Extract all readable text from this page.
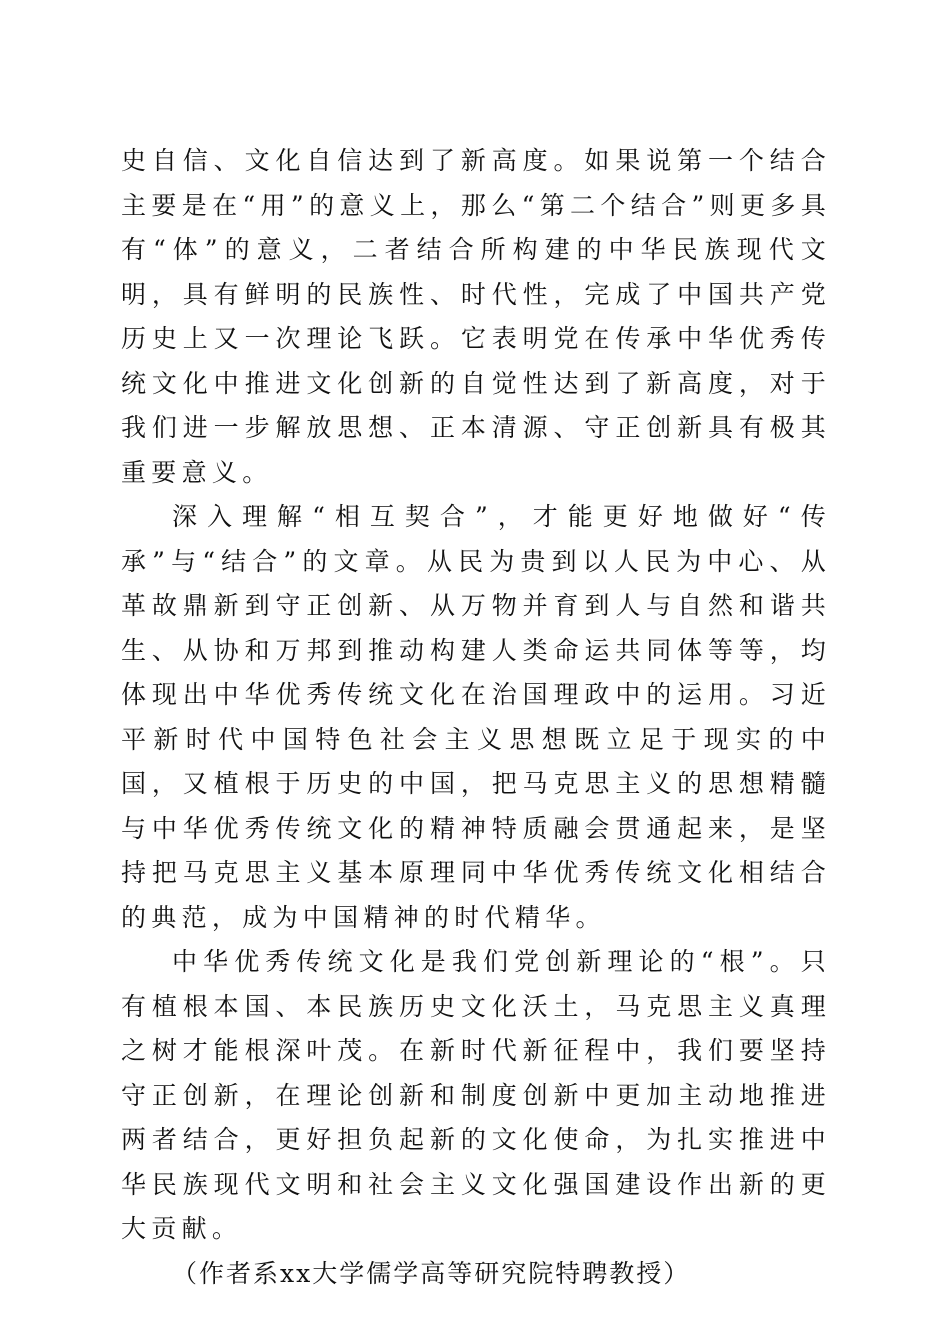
史自信、文化自信达到了新高度。如果说第一个结合主要是在“用”的意义上，那么“第二个结合”则更多具有“体”的意义，二者结合所构建的中华民族现代文明，具有鲜明的民族性、时代性，完成了中国共产党历史上又一次理论飞跃。它表明党在传承中华优秀传统文化中推进文化创新的自觉性达到了新高度，对于我们进一步解放思想、正本清源、守正创新具有极其重要意义。

深入理解“相互契合”，才能更好地做好“传承”与“结合”的文章。从民为贵到以人民为中心、从革故鼎新到守正创新、从万物并育到人与自然和谐共生、从协和万邦到推动构建人类命运共同体等等，均体现出中华优秀传统文化在治国理政中的运用。习近平新时代中国特色社会主义思想既立足于现实的中国，又植根于历史的中国，把马克思主义的思想精髓与中华优秀传统文化的精神特质融会贯通起来，是坚持把马克思主义基本原理同中华优秀传统文化相结合的典范，成为中国精神的时代精华。

中华优秀传统文化是我们党创新理论的“根”。只有植根本国、本民族历史文化沃土，马克思主义真理之树才能根深叶茂。在新时代新征程中，我们要坚持守正创新，在理论创新和制度创新中更加主动地推进两者结合，更好担负起新的文化使命，为扎实推进中华民族现代文明和社会主义文化强国建设作出新的更大贡献。

（作者系xx大学儒学高等研究院特聘教授）
